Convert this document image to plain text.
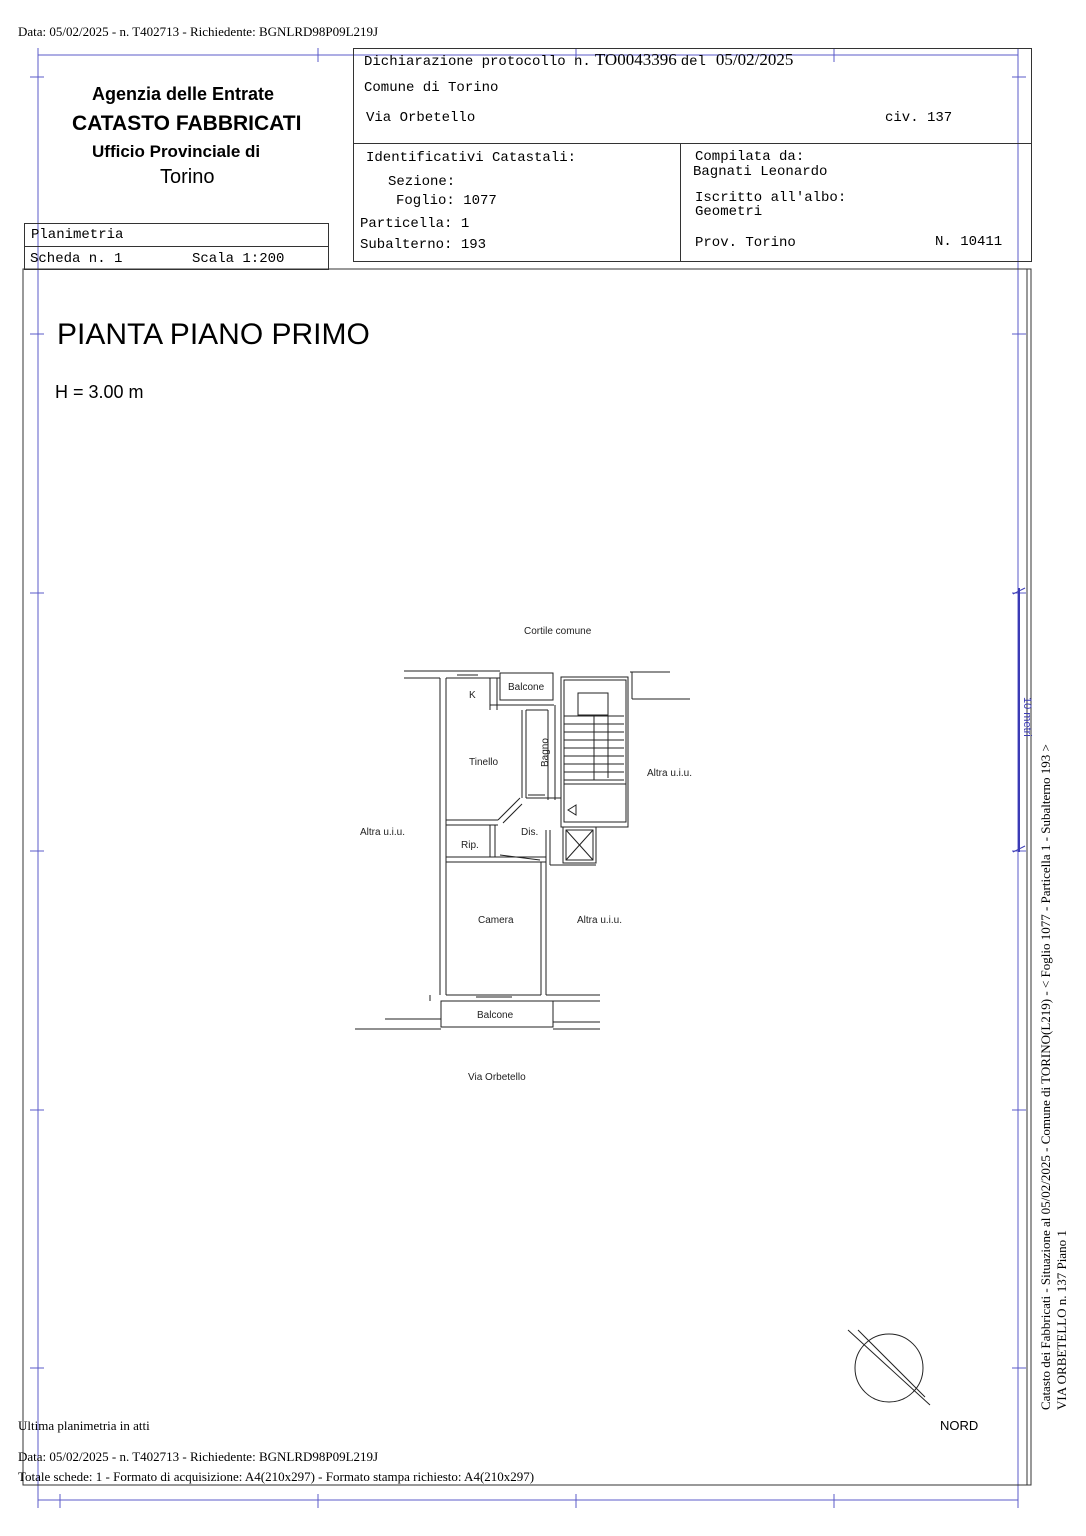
Data: 05/02/2025 - n. T402713 - Richiedente: BGNLRD98P09L219J
Agenzia delle Entrate
CATASTO FABBRICATI
Ufficio Provinciale di
Torino
Planimetria
Scheda n. 1	Scala 1:200
Dichiarazione protocollo n. TO0043396 del 05/02/2025
Comune di Torino
Via Orbetello	civ. 137
Identificativi Catastali:
Sezione:
Foglio: 1077
Particella: 1
Subalterno: 193
Compilata da:
Bagnati Leonardo
Iscritto all'albo:
Geometri
Prov. Torino	N. 10411
PIANTA PIANO PRIMO
H = 3.00 m
Cortile comune
Balcone
K
Tinello	Bagno
Dis.
Rip.
Camera
Altra u.i.u.
Altra u.i.u.
Altra u.i.u.
Balcone
Via Orbetello
10 metri
NORD
Catasto dei Fabbricati - Situazione al 05/02/2025 - Comune di TORINO(L219) - < Foglio 1077 - Particella 1 - Subalterno 193 > VIA ORBETELLO n. 137 Piano 1
Ultima planimetria in atti
Data: 05/02/2025 - n. T402713 - Richiedente: BGNLRD98P09L219J
Totale schede: 1 - Formato di acquisizione: A4(210x297) - Formato stampa richiesto: A4(210x297)
